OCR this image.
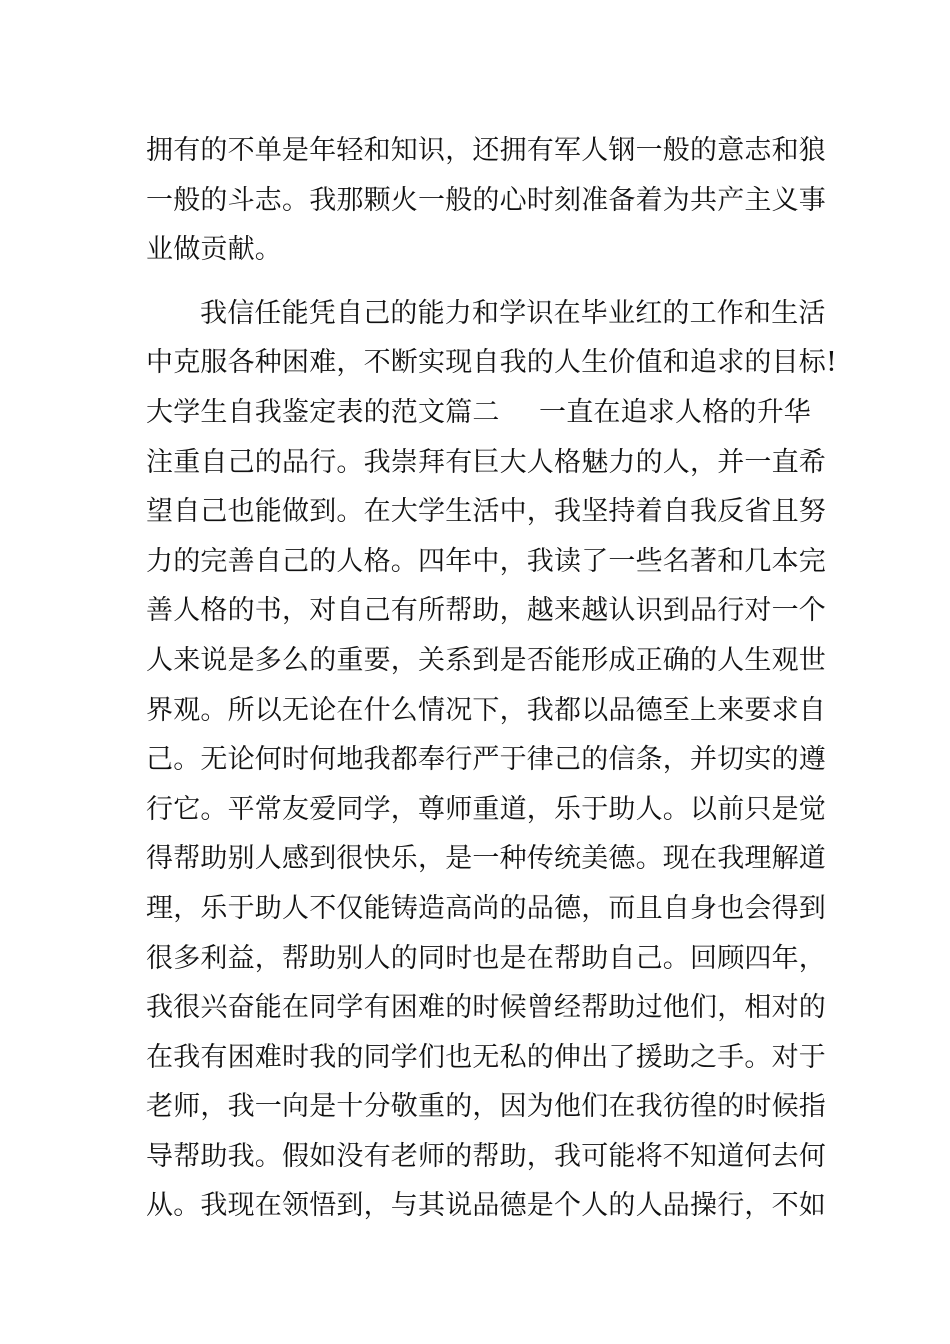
拥有的不单是年轻和知识，还拥有军人钢一般的意志和狼
一般的斗志。我那颗火一般的心时刻准备着为共产主义事
业做贡献。
我信任能凭自己的能力和学识在毕业红的工作和生活
中克服各种困难，不断实现自我的人生价值和追求的目标!
大学生自我鉴定表的范文篇二 一直在追求人格的升华
注重自己的品行。我崇拜有巨大人格魅力的人，并一直希
望自己也能做到。在大学生活中，我坚持着自我反省且努
力的完善自己的人格。四年中，我读了一些名著和几本完
善人格的书，对自己有所帮助，越来越认识到品行对一个
人来说是多么的重要，关系到是否能形成正确的人生观世
界观。所以无论在什么情况下，我都以品德至上来要求自
己。无论何时何地我都奉行严于律己的信条，并切实的遵
行它。平常友爱同学，尊师重道，乐于助人。以前只是觉
得帮助别人感到很快乐，是一种传统美德。现在我理解道
理，乐于助人不仅能铸造高尚的品德，而且自身也会得到
很多利益，帮助别人的同时也是在帮助自己。回顾四年，
我很兴奋能在同学有困难的时候曾经帮助过他们，相对的
在我有困难时我的同学们也无私的伸出了援助之手。对于
老师，我一向是十分敬重的，因为他们在我彷徨的时候指
导帮助我。假如没有老师的帮助，我可能将不知道何去何
从。我现在领悟到，与其说品德是个人的人品操行，不如
